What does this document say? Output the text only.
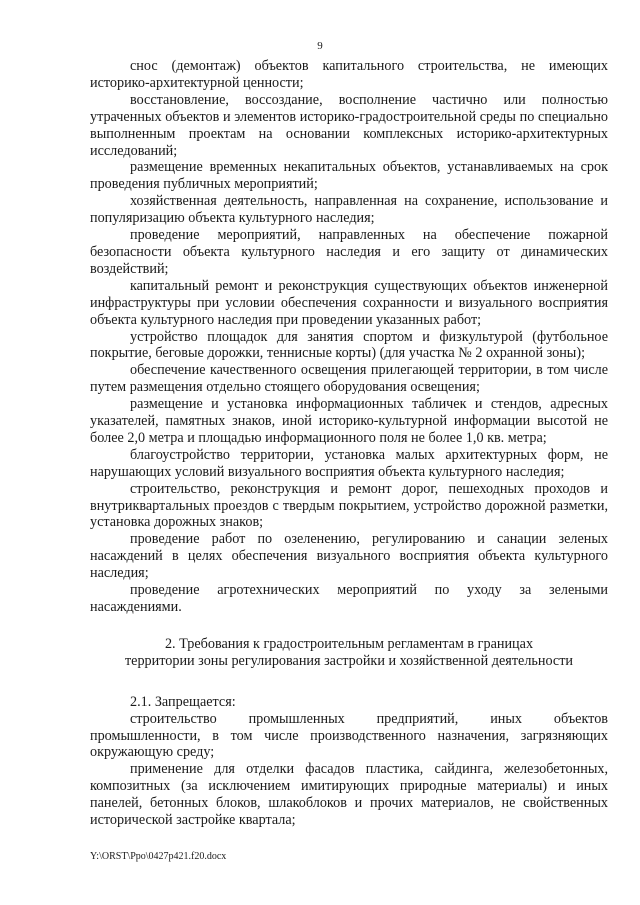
9

снос (демонтаж) объектов капитального строительства, не имеющих историко-архитектурной ценности;

восстановление, воссоздание, восполнение частично или полностью утраченных объектов и элементов историко-градостроительной среды по специально выполненным проектам на основании комплексных историко-архитектурных исследований;

размещение временных некапитальных объектов, устанавливаемых на срок проведения публичных мероприятий;

хозяйственная деятельность, направленная на сохранение, использование и популяризацию объекта культурного наследия;

проведение мероприятий, направленных на обеспечение пожарной безопасности объекта культурного наследия и его защиту от динамических воздействий;

капитальный ремонт и реконструкция существующих объектов инженерной инфраструктуры при условии обеспечения сохранности и визуального восприятия объекта культурного наследия при проведении указанных работ;

устройство площадок для занятия спортом и физкультурой (футбольное покрытие, беговые дорожки, теннисные корты) (для участка № 2 охранной зоны);

обеспечение качественного освещения прилегающей территории, в том числе путем размещения отдельно стоящего оборудования освещения;

размещение и установка информационных табличек и стендов, адресных указателей, памятных знаков, иной историко-культурной информации высотой не более 2,0 метра и площадью информационного поля не более 1,0 кв. метра;

благоустройство территории, установка малых архитектурных форм, не нарушающих условий визуального восприятия объекта культурного наследия;

строительство, реконструкция и ремонт дорог, пешеходных проходов и внутриквартальных проездов с твердым покрытием, устройство дорожной разметки, установка дорожных знаков;

проведение работ по озеленению, регулированию и санации зеленых насаждений в целях обеспечения визуального восприятия объекта культурного наследия;

проведение агротехнических мероприятий по уходу за зелеными насаждениями.

2. Требования к градостроительным регламентам в границах
территории зоны регулирования застройки и хозяйственной деятельности

2.1. Запрещается:

строительство промышленных предприятий, иных объектов промышленности, в том числе производственного назначения, загрязняющих окружающую среду;

применение для отделки фасадов пластика, сайдинга, железобетонных, композитных (за исключением имитирующих природные материалы) и иных панелей, бетонных блоков, шлакоблоков и прочих материалов, не свойственных исторической застройке квартала;

Y:\ORST\Ppo\0427p421.f20.docx
